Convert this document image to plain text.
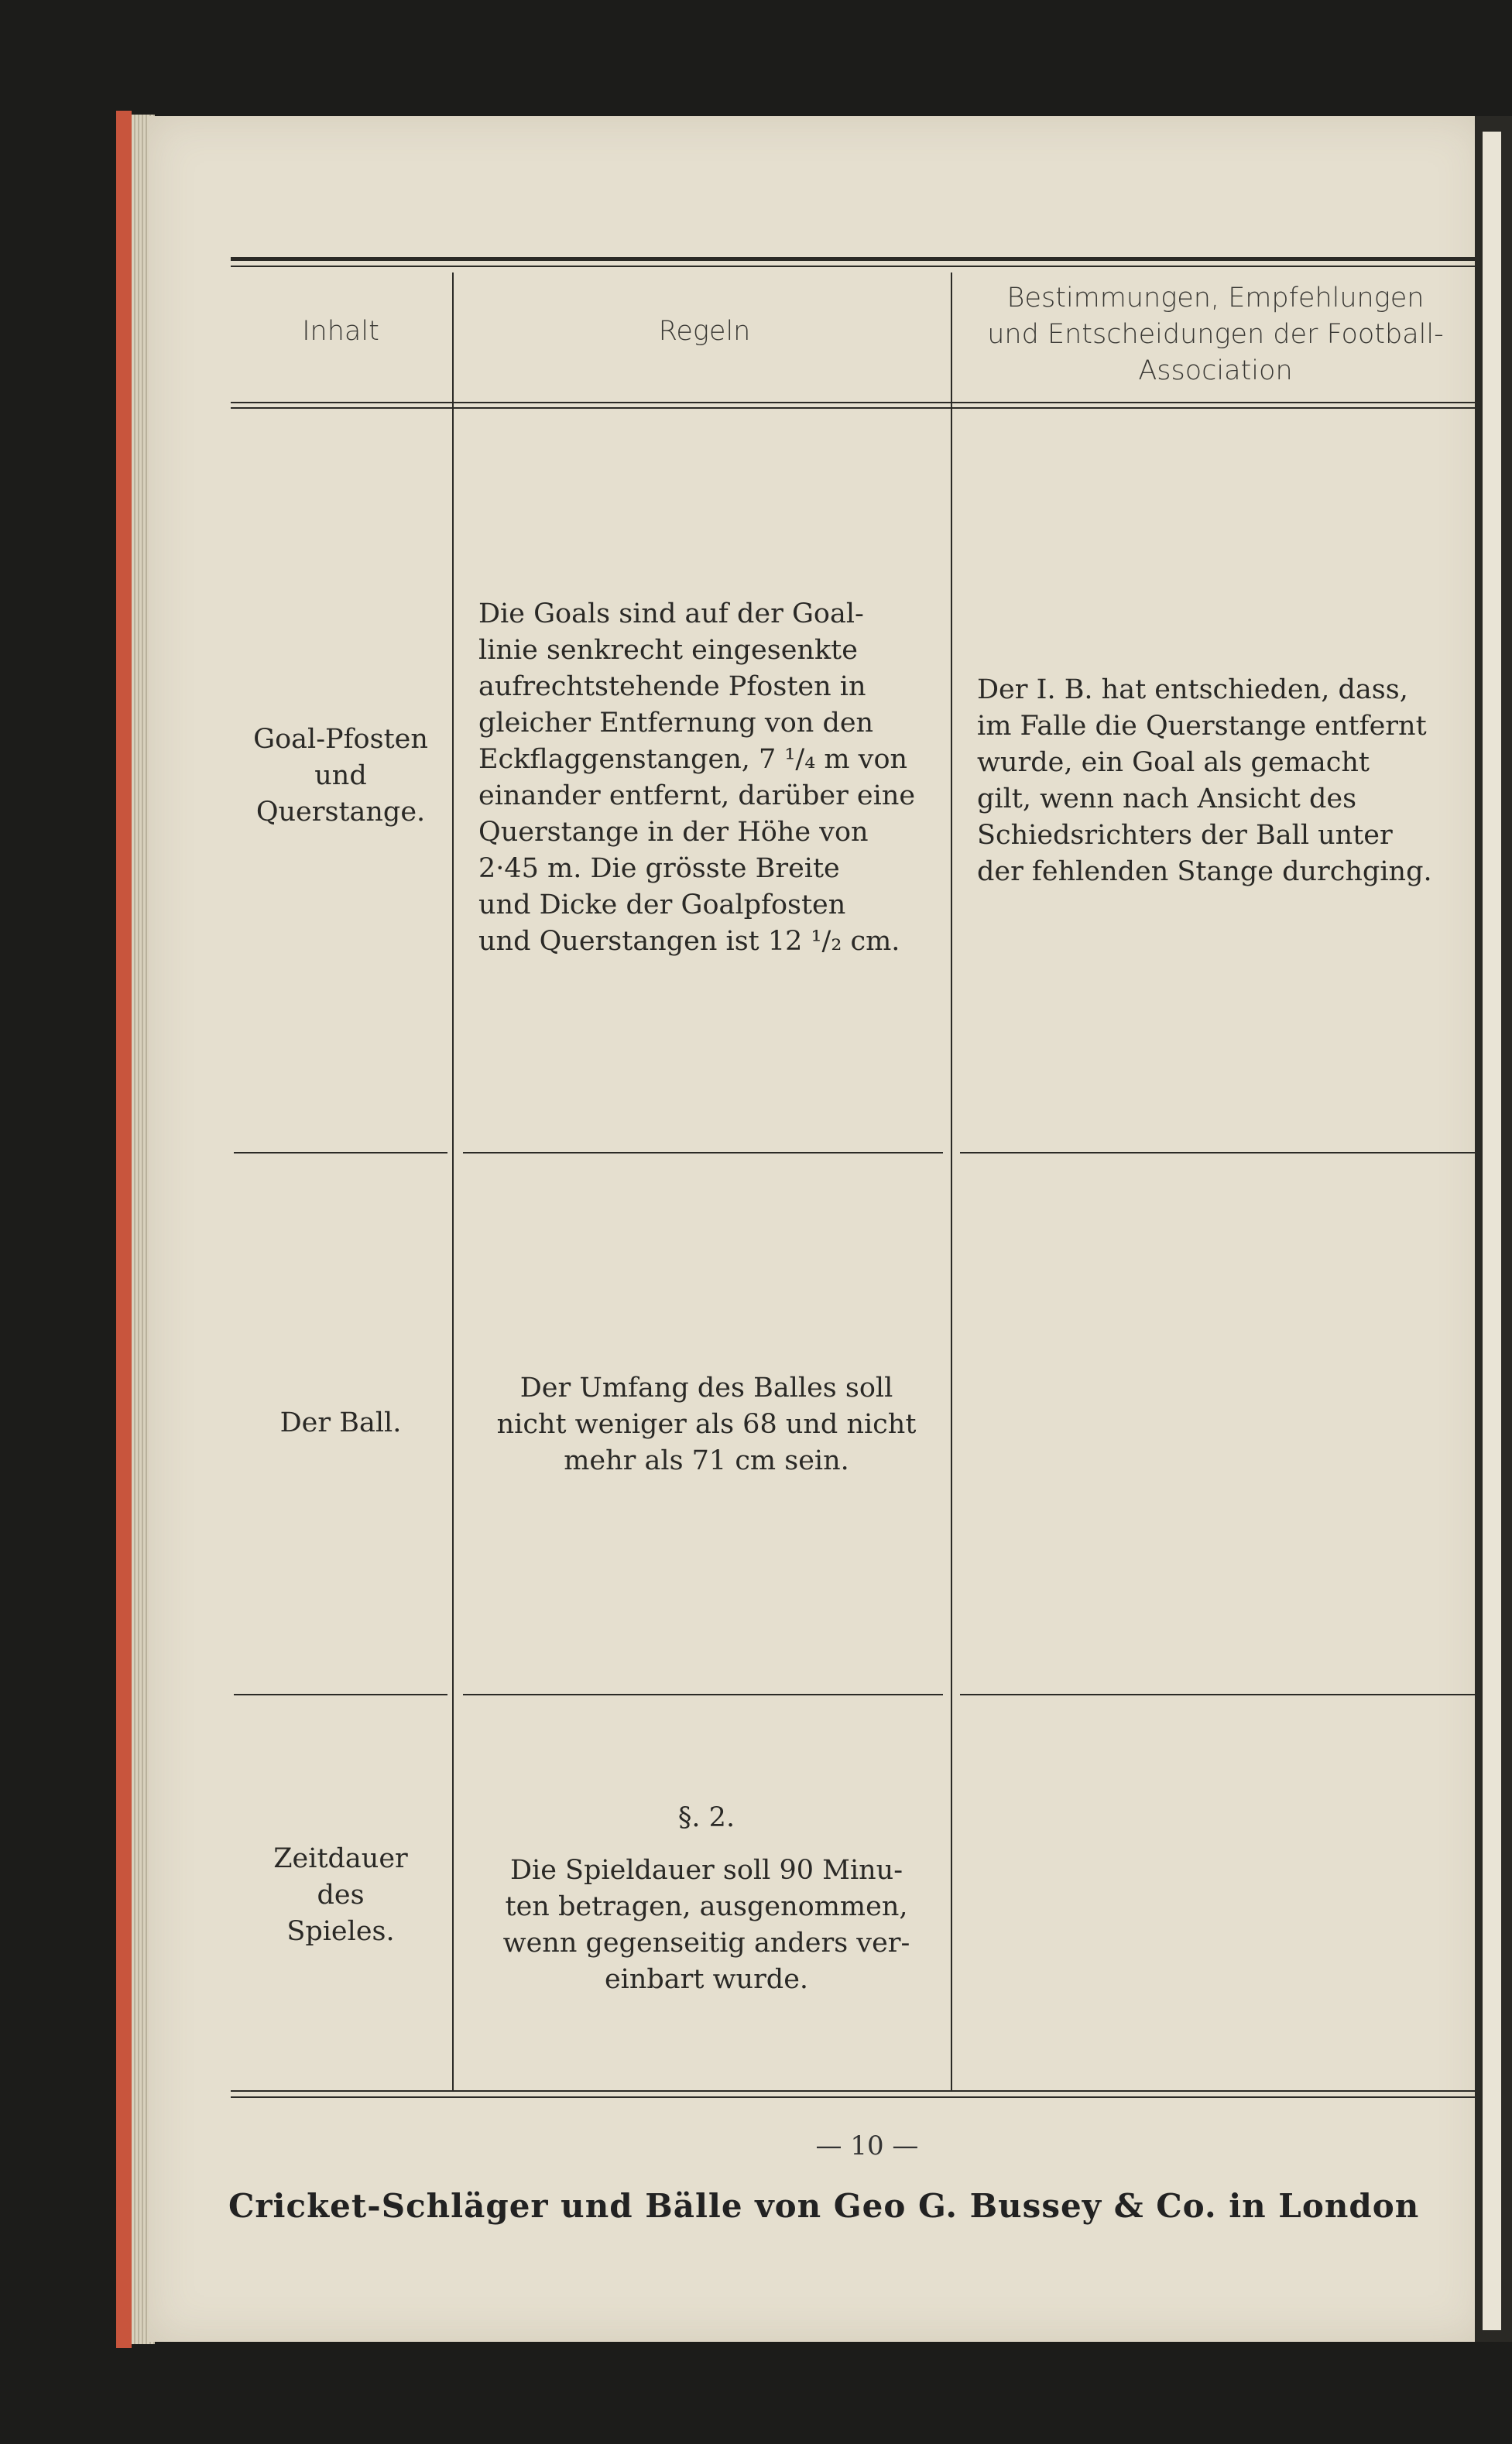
Inhalt	Regeln
Bestimmungen, Empfehlungen
und Entscheidungen der Football-
Association
Goal-Pfosten
und
Querstange.
Die Goals sind auf der Goal-
linie senkrecht eingesenkte
aufrechtstehende Pfosten in
gleicher Entfernung von den
Eckflaggenstangen, 7 ¹/₄ m von
einander entfernt, darüber eine
Querstange in der Höhe von
2·45 m. Die grösste Breite
und Dicke der Goalpfosten
und Querstangen ist 12 ¹/₂ cm.
Der I. B. hat entschieden, dass,
im Falle die Querstange entfernt
wurde, ein Goal als gemacht
gilt, wenn nach Ansicht des
Schiedsrichters der Ball unter
der fehlenden Stange durchging.
Der Ball.
Der Umfang des Balles soll
nicht weniger als 68 und nicht
mehr als 71 cm sein.
Zeitdauer
des
Spieles.
§. 2.
Die Spieldauer soll 90 Minu-
ten betragen, ausgenommen,
wenn gegenseitig anders ver-
einbart wurde.
— 10 —
Cricket-Schläger und Bälle von Geo G. Bussey & Co. in London
